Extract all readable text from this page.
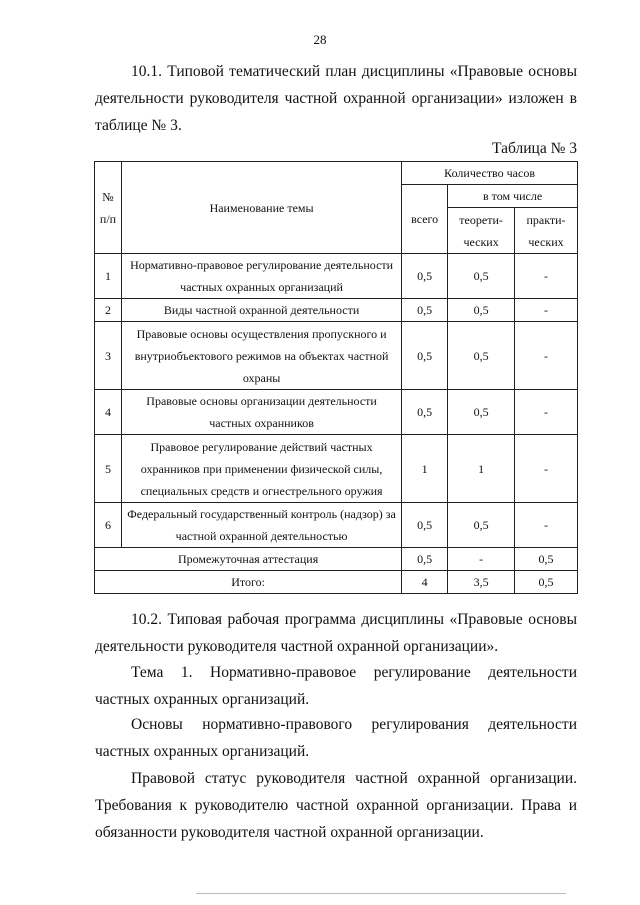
28
10.1. Типовой тематический план дисциплины «Правовые основы деятельности руководителя частной охранной организации» изложен в таблице № 3.
Таблица № 3
№ п/п	Наименование темы	Количество часов		
		всего	в том числе	
			теорети- ческих	практи- ческих
1	Нормативно-правовое регулирование деятельности частных охранных организаций	0,5	0,5	-
2	Виды частной охранной деятельности	0,5	0,5	-
3	Правовые основы осуществления пропускного и внутриобъектового режимов на объектах частной охраны	0,5	0,5	-
4	Правовые основы организации деятельности частных охранников	0,5	0,5	-
5	Правовое регулирование действий частных охранников при применении физической силы, специальных средств и огнестрельного оружия	1	1	-
6	Федеральный государственный контроль (надзор) за частной охранной деятельностью	0,5	0,5	-
Промежуточная аттестация		0,5	-	0,5
Итого:		4	3,5	0,5
10.2. Типовая рабочая программа дисциплины «Правовые основы деятельности руководителя частной охранной организации».
Тема 1. Нормативно-правовое регулирование деятельности частных охранных организаций.
Основы нормативно-правового регулирования деятельности частных охранных организаций.
Правовой статус руководителя частной охранной организации. Требования к руководителю частной охранной организации. Права и обязанности руководителя частной охранной организации.
